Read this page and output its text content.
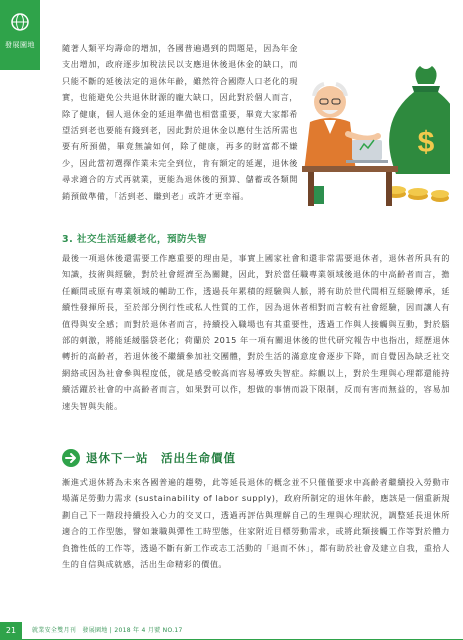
發展園地	隨著人類平均壽命的增加，各國普遍遇到的問題是，因為年金支出增加，政府逐步加稅法民以支應退休後退休金的缺口，而只能不斷的延後法定的退休年齡，雖然符合國際人口老化的現實，也能避免公共退休財源的龐大缺口，因此對於個人而言，除了健康，個人退休金的延退準備也相當重要，畢竟大家都希望活到老也要能有錢到老，因此對於退休金以應付生活所需也要有所預備，畢竟無論如何，除了健康，再多的財富都不嫌少，因此當初選擇作業未完全到位，肯有額定的延遲，退休後尋求適合的方式再就業，更能為退休後的預算、儲蓄或各類開銷預做準備，「活到老、賺到老」或許才更幸福。

$

3. 社交生活延緩老化，預防失智

最後一項退休後還需要工作應重要的理由是，事實上國家社會和還非常需要退休者，退休者所具有的知識，技術與經驗，對於社會經濟至為關鍵，因此，對於當任職專業領域後退休的中高齡者而言，擔任顧問或原有專業領域的輔助工作，透過長年累積的經驗與人脈，將有助於世代間相互經驗傳承，延續性發揮所長，至於部分例行性或私人性質的工作，因為退休者相對而言較有社會經驗，因而讓人有值得與安全感；而對於退休者而言，持續投入職場也有其重要性，透過工作與人接觸與互動，對於腦部的刺激，將能延緩腦袋老化；荷蘭於 2015 年一項有關退休後的世代研究報告中也指出，經歷退休轉折的高齡者，若退休後不繼續參加社交團體，對於生活的滿意度會逐步下降，而自覺因為缺乏社交網絡或因為社會參與程度低，就是感受較高而容易導致失智症。綜觀以上，對於生理與心理都還能持續活躍於社會的中高齡者而言，如果對可以作，想做的事情而設下限制，反而有害而無益的，容易加速失智與失能。

退休下一站　活出生命價值

漸進式退休將為未來各國普遍的趨勢，此等延長退休的概念並不只僅僅要求中高齡者繼續投入勞動市場滿足勞動力需求 (sustainability of labor supply)，政府所制定的退休年齡，應該是一個重新規劃自己下一階段持續投入心力的交叉口，透過再評估與理解自己的生理與心理狀況，調整延長退休所適合的工作型態，譬如兼職與彈性工時型態，住家附近目標勞動需求，或將此類接觸工作等對於體力負擔性低的工作等，透過不斷有新工作或志工活動的「退而不休」，都有助於社會及建立自我，重拾人生的自信與成就感，活出生命精彩的價值。

21	就業安全雙月刊　發展園地 | 2018 年 4 月號 NO.17
